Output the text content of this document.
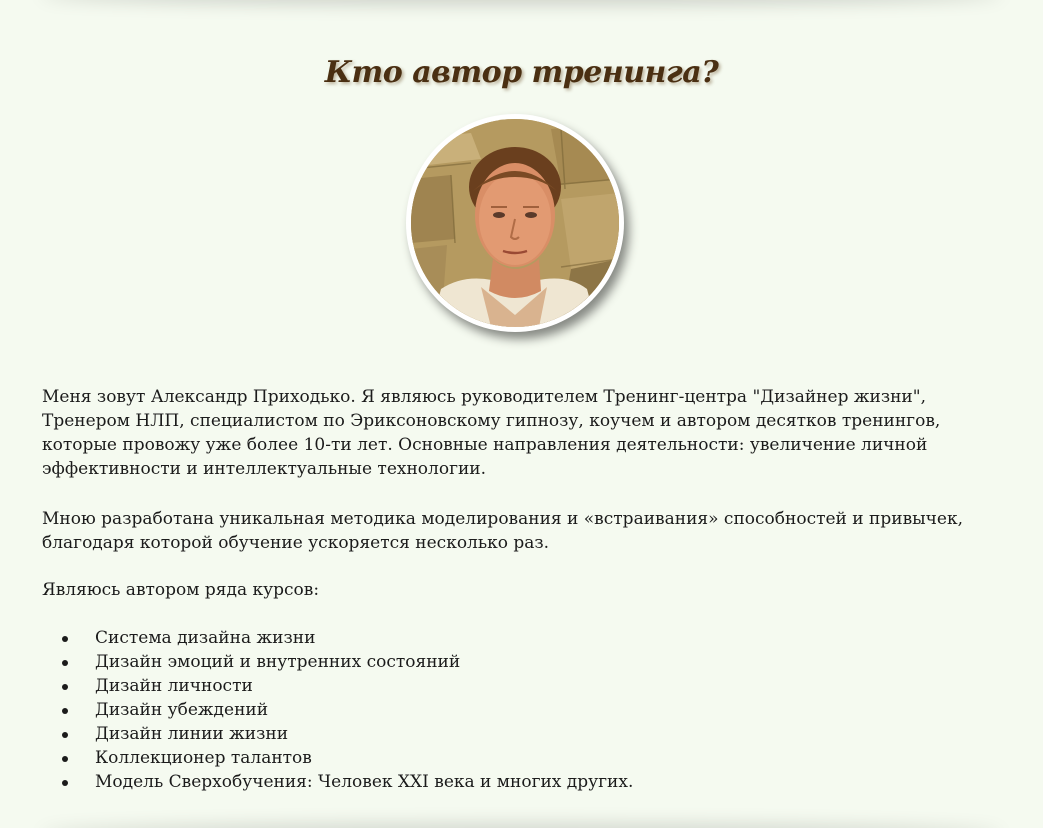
Кто автор тренинга?

Меня зовут Александр Приходько. Я являюсь руководителем Тренинг-центра "Дизайнер жизни", Тренером НЛП, специалистом по Эриксоновскому гипнозу, коучем и автором десятков тренингов, которые провожу уже более 10-ти лет. Основные направления деятельности: увеличение личной эффективности и интеллектуальные технологии.

Мною разработана уникальная методика моделирования и «встраивания» способностей и привычек, благодаря которой обучение ускоряется несколько раз.

Являюсь автором ряда курсов:

Система дизайна жизни
Дизайн эмоций и внутренних состояний
Дизайн личности
Дизайн убеждений
Дизайн линии жизни
Коллекционер талантов
Модель Сверхобучения: Человек XXI века и многих других.
